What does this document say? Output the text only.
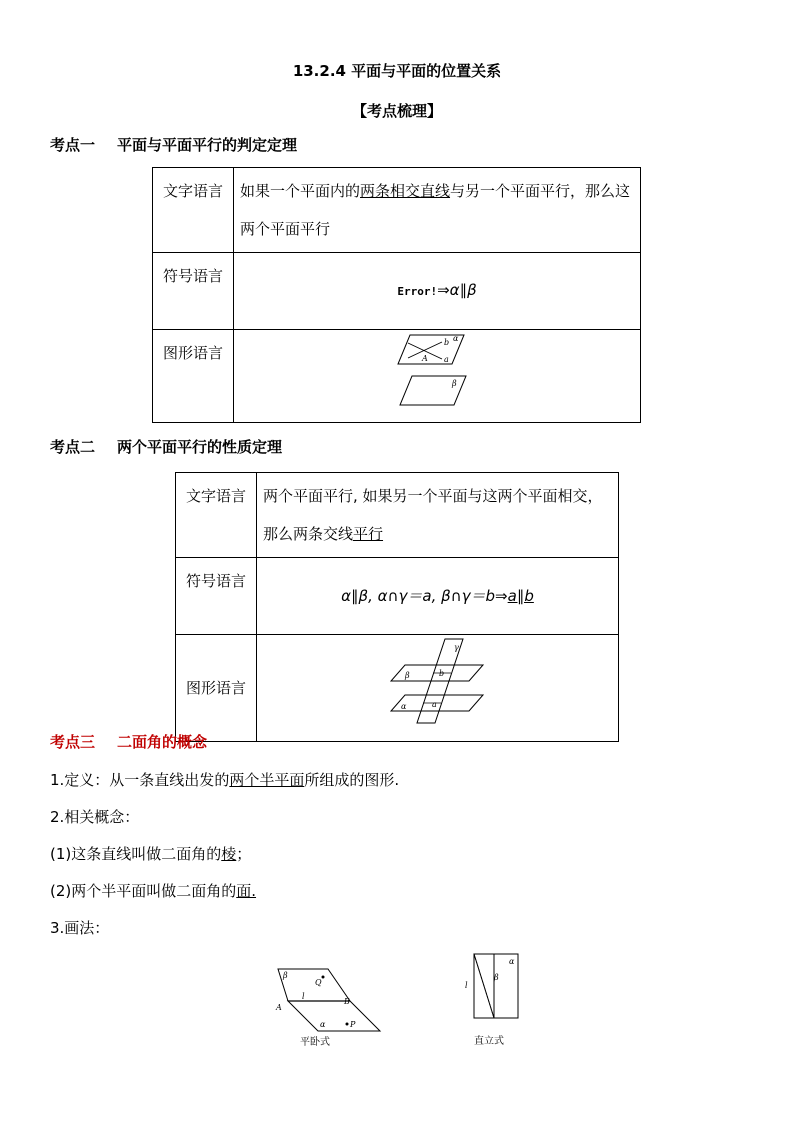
13.2.4 平面与平面的位置关系
【考点梳理】
考点一 平面与平面平行的判定定理
文字语言	如果一个平面内的两条相交直线与另一个平面平行，那么这两个平面平行
符号语言	Error!⇒α∥β
图形语言	b α
A a
β
考点二 两个平面平行的性质定理
文字语言	两个平面平行, 如果另一个平面与这两个平面相交，那么两条交线平行
符号语言	α∥β, α∩γ＝a, β∩γ＝b⇒a∥b
图形语言	γ
β b
a
α
考点三 二面角的概念
1.定义：从一条直线出发的两个半平面所组成的图形.
2.相关概念：
(1)这条直线叫做二面角的棱；
(2)两个半平面叫做二面角的面.
3.画法：
β
Q
l
B
A
α	P
平卧式
α
l
β
直立式
